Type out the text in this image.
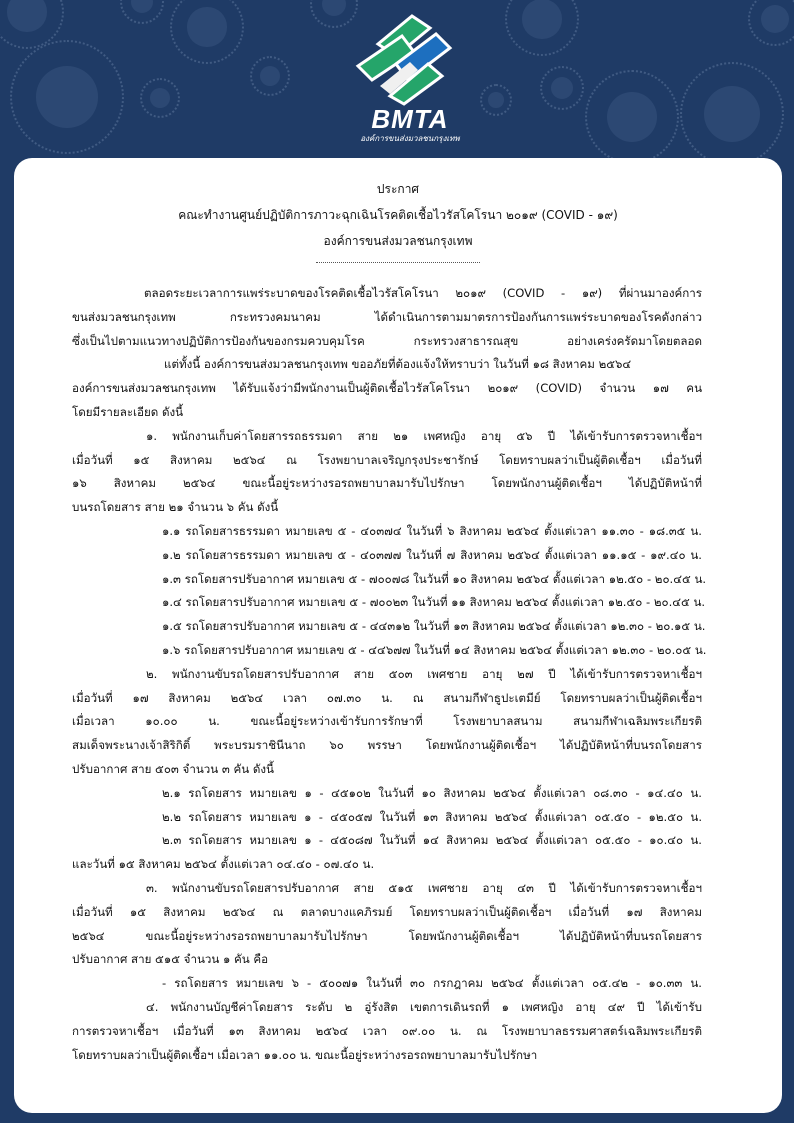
BMTA
องค์การขนส่งมวลชนกรุงเทพ
ประกาศ
คณะทำงานศูนย์ปฏิบัติการภาวะฉุกเฉินโรคติดเชื้อไวรัสโคโรนา ๒๐๑๙ (COVID - ๑๙)
องค์การขนส่งมวลชนกรุงเทพ
ตลอดระยะเวลาการแพร่ระบาดของโรคติดเชื้อไวรัสโคโรนา ๒๐๑๙ (COVID - ๑๙) ที่ผ่านมาองค์การ
ขนส่งมวลชนกรุงเทพ กระทรวงคมนาคม ได้ดำเนินการตามมาตรการป้องกันการแพร่ระบาดของโรคดังกล่าว
ซึ่งเป็นไปตามแนวทางปฏิบัติการป้องกันของกรมควบคุมโรค กระทรวงสาธารณสุข อย่างเคร่งครัดมาโดยตลอด
แต่ทั้งนี้ องค์การขนส่งมวลชนกรุงเทพ ขออภัยที่ต้องแจ้งให้ทราบว่า ในวันที่ ๑๘ สิงหาคม ๒๕๖๔
องค์การขนส่งมวลชนกรุงเทพ ได้รับแจ้งว่ามีพนักงานเป็นผู้ติดเชื้อไวรัสโคโรนา ๒๐๑๙ (COVID) จำนวน ๑๗ คน
โดยมีรายละเอียด ดังนี้
๑. พนักงานเก็บค่าโดยสารรถธรรมดา สาย ๒๑ เพศหญิง อายุ ๕๖ ปี ได้เข้ารับการตรวจหาเชื้อฯ
เมื่อวันที่ ๑๕ สิงหาคม ๒๕๖๔ ณ โรงพยาบาลเจริญกรุงประชารักษ์ โดยทราบผลว่าเป็นผู้ติดเชื้อฯ เมื่อวันที่
๑๖ สิงหาคม ๒๕๖๔ ขณะนี้อยู่ระหว่างรอรถพยาบาลมารับไปรักษา โดยพนักงานผู้ติดเชื้อฯ ได้ปฏิบัติหน้าที่
บนรถโดยสาร สาย ๒๑ จำนวน ๖ คัน ดังนี้
๑.๑ รถโดยสารธรรมดา หมายเลข ๕ - ๔๐๓๗๔ ในวันที่ ๖ สิงหาคม ๒๕๖๔ ตั้งแต่เวลา ๑๑.๓๐ - ๑๘.๓๕ น.
๑.๒ รถโดยสารธรรมดา หมายเลข ๕ - ๔๐๓๗๗ ในวันที่ ๗ สิงหาคม ๒๕๖๔ ตั้งแต่เวลา ๑๑.๑๕ - ๑๙.๔๐ น.
๑.๓ รถโดยสารปรับอากาศ หมายเลข ๕ - ๗๐๐๗๘ ในวันที่ ๑๐ สิงหาคม ๒๕๖๔ ตั้งแต่เวลา ๑๒.๕๐ - ๒๐.๔๕ น.
๑.๔ รถโดยสารปรับอากาศ หมายเลข ๕ - ๗๐๐๒๓ ในวันที่ ๑๑ สิงหาคม ๒๕๖๔ ตั้งแต่เวลา ๑๒.๕๐ - ๒๐.๔๕ น.
๑.๕ รถโดยสารปรับอากาศ หมายเลข ๕ - ๔๔๓๑๒ ในวันที่ ๑๓ สิงหาคม ๒๕๖๔ ตั้งแต่เวลา ๑๒.๓๐ - ๒๐.๑๕ น.
๑.๖ รถโดยสารปรับอากาศ หมายเลข ๕ - ๔๔๖๗๗ ในวันที่ ๑๔ สิงหาคม ๒๕๖๔ ตั้งแต่เวลา ๑๒.๓๐ - ๒๐.๐๕ น.
๒. พนักงานขับรถโดยสารปรับอากาศ สาย ๕๐๓ เพศชาย อายุ ๒๗ ปี ได้เข้ารับการตรวจหาเชื้อฯ
เมื่อวันที่ ๑๗ สิงหาคม ๒๕๖๔ เวลา ๐๗.๓๐ น. ณ สนามกีฬาธูปะเตมีย์ โดยทราบผลว่าเป็นผู้ติดเชื้อฯ
เมื่อเวลา ๑๐.๐๐ น. ขณะนี้อยู่ระหว่างเข้ารับการรักษาที่ โรงพยาบาลสนาม สนามกีฬาเฉลิมพระเกียรติ
สมเด็จพระนางเจ้าสิริกิติ์ พระบรมราชินีนาถ ๖๐ พรรษา โดยพนักงานผู้ติดเชื้อฯ ได้ปฏิบัติหน้าที่บนรถโดยสาร
ปรับอากาศ สาย ๕๐๓ จำนวน ๓ คัน ดังนี้
๒.๑ รถโดยสาร หมายเลข ๑ - ๔๕๑๐๒ ในวันที่ ๑๐ สิงหาคม ๒๕๖๔ ตั้งแต่เวลา ๐๘.๓๐ - ๑๔.๔๐ น.
๒.๒ รถโดยสาร หมายเลข ๑ - ๔๕๐๕๗ ในวันที่ ๑๓ สิงหาคม ๒๕๖๔ ตั้งแต่เวลา ๐๕.๕๐ - ๑๒.๕๐ น.
๒.๓ รถโดยสาร หมายเลข ๑ - ๔๕๐๘๗ ในวันที่ ๑๔ สิงหาคม ๒๕๖๔ ตั้งแต่เวลา ๐๕.๕๐ - ๑๐.๔๐ น.
และวันที่ ๑๕ สิงหาคม ๒๕๖๔ ตั้งแต่เวลา ๐๔.๔๐ - ๐๗.๔๐ น.
๓. พนักงานขับรถโดยสารปรับอากาศ สาย ๕๑๕ เพศชาย อายุ ๔๓ ปี ได้เข้ารับการตรวจหาเชื้อฯ
เมื่อวันที่ ๑๕ สิงหาคม ๒๕๖๔ ณ ตลาดบางแคภิรมย์ โดยทราบผลว่าเป็นผู้ติดเชื้อฯ เมื่อวันที่ ๑๗ สิงหาคม
๒๕๖๔ ขณะนี้อยู่ระหว่างรอรถพยาบาลมารับไปรักษา โดยพนักงานผู้ติดเชื้อฯ ได้ปฏิบัติหน้าที่บนรถโดยสาร
ปรับอากาศ สาย ๕๑๕ จำนวน ๑ คัน คือ
- รถโดยสาร หมายเลข ๖ - ๕๐๐๗๑ ในวันที่ ๓๐ กรกฎาคม ๒๕๖๔ ตั้งแต่เวลา ๐๕.๔๒ - ๑๐.๓๓ น.
๔. พนักงานบัญชีค่าโดยสาร ระดับ ๒ อู่รังสิต เขตการเดินรถที่ ๑ เพศหญิง อายุ ๔๙ ปี ได้เข้ารับ
การตรวจหาเชื้อฯ เมื่อวันที่ ๑๓ สิงหาคม ๒๕๖๔ เวลา ๐๙.๐๐ น. ณ โรงพยาบาลธรรมศาสตร์เฉลิมพระเกียรติ
โดยทราบผลว่าเป็นผู้ติดเชื้อฯ เมื่อเวลา ๑๑.๐๐ น. ขณะนี้อยู่ระหว่างรอรถพยาบาลมารับไปรักษา
